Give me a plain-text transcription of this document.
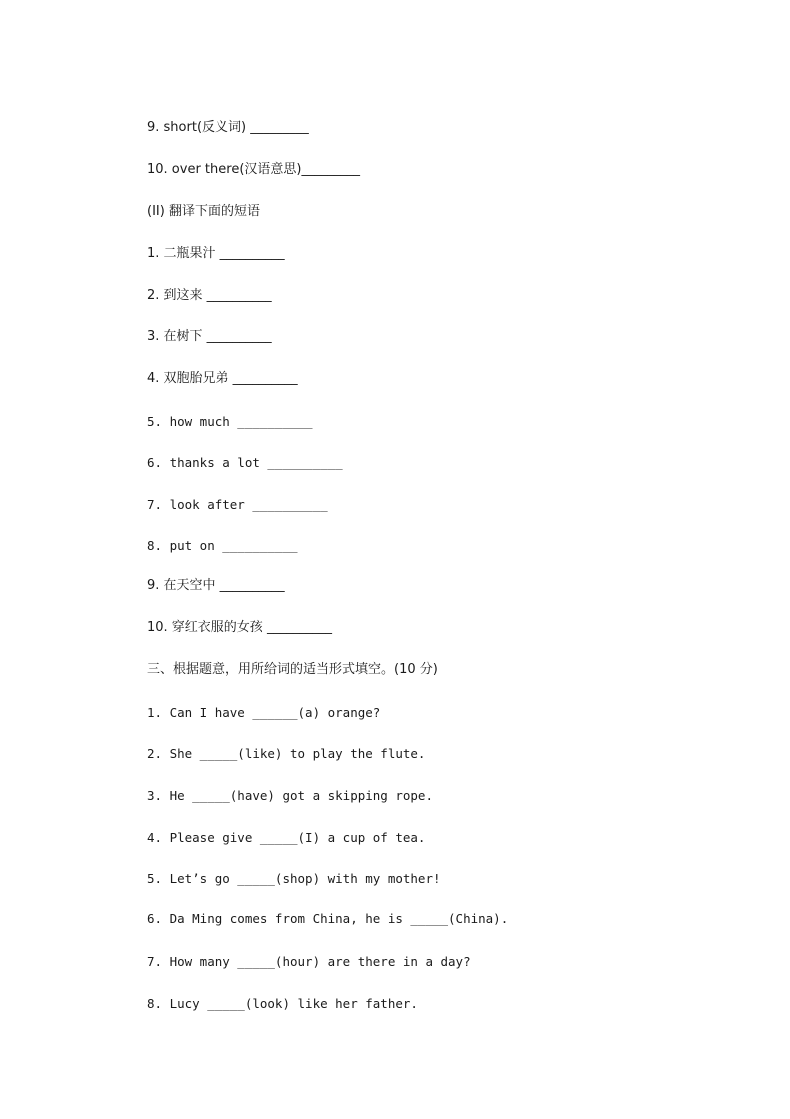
9. short(反义词) _________
10. over there(汉语意思)_________
(II) 翻译下面的短语
1. 二瓶果汁 __________
2. 到这来 __________
3. 在树下 __________
4. 双胞胎兄弟 __________
5. how much __________
6. thanks a lot __________
7. look after __________
8. put on __________
9. 在天空中 __________
10. 穿红衣服的女孩 __________
三、根据题意，用所给词的适当形式填空。(10 分)
1. Can I have ______(a) orange?
2. She _____(like) to play the flute.
3. He _____(have) got a skipping rope.
4. Please give _____(I) a cup of tea.
5. Let’s go _____(shop) with my mother!
6. Da Ming comes from China, he is _____(China).
7. How many _____(hour) are there in a day?
8. Lucy _____(look) like her father.
